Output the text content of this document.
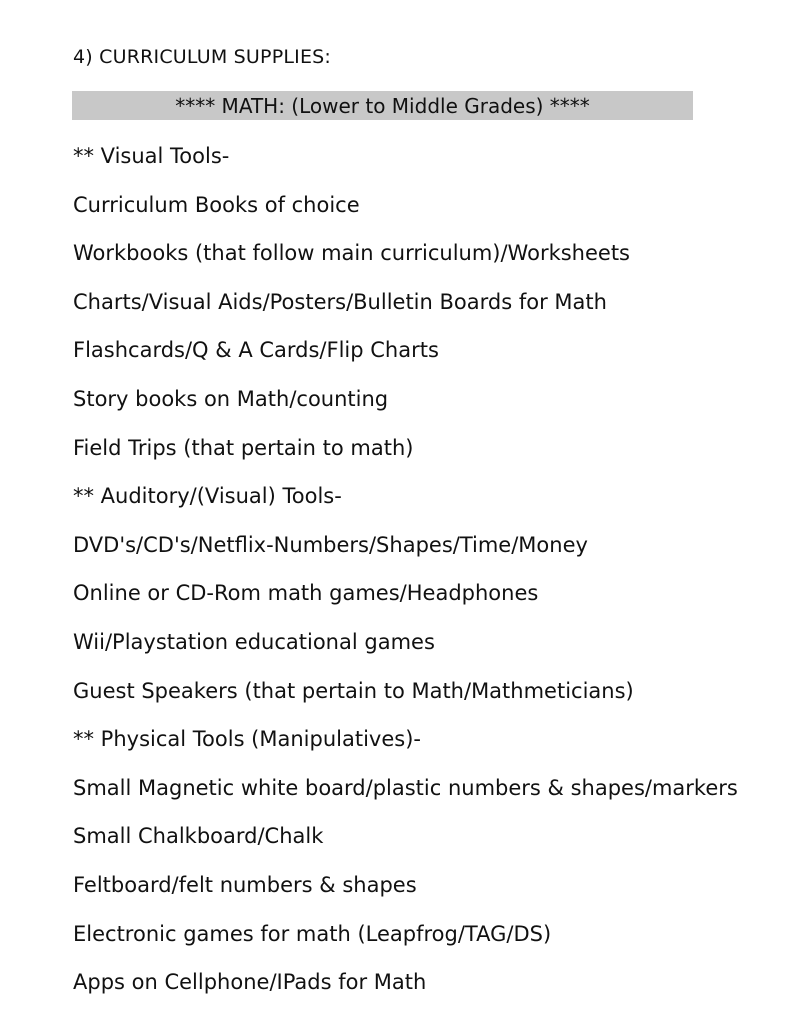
4) CURRICULUM SUPPLIES:
**** MATH: (Lower to Middle Grades) ****
** Visual Tools-
Curriculum Books of choice
Workbooks (that follow main curriculum)/Worksheets
Charts/Visual Aids/Posters/Bulletin Boards for Math
Flashcards/Q & A Cards/Flip Charts
Story books on Math/counting
Field Trips (that pertain to math)
** Auditory/(Visual) Tools-
DVD's/CD's/Netflix-Numbers/Shapes/Time/Money
Online or CD-Rom math games/Headphones
Wii/Playstation educational games
Guest Speakers (that pertain to Math/Mathmeticians)
** Physical Tools (Manipulatives)-
Small Magnetic white board/plastic numbers & shapes/markers
Small Chalkboard/Chalk
Feltboard/felt numbers & shapes
Electronic games for math (Leapfrog/TAG/DS)
Apps on Cellphone/IPads for Math
